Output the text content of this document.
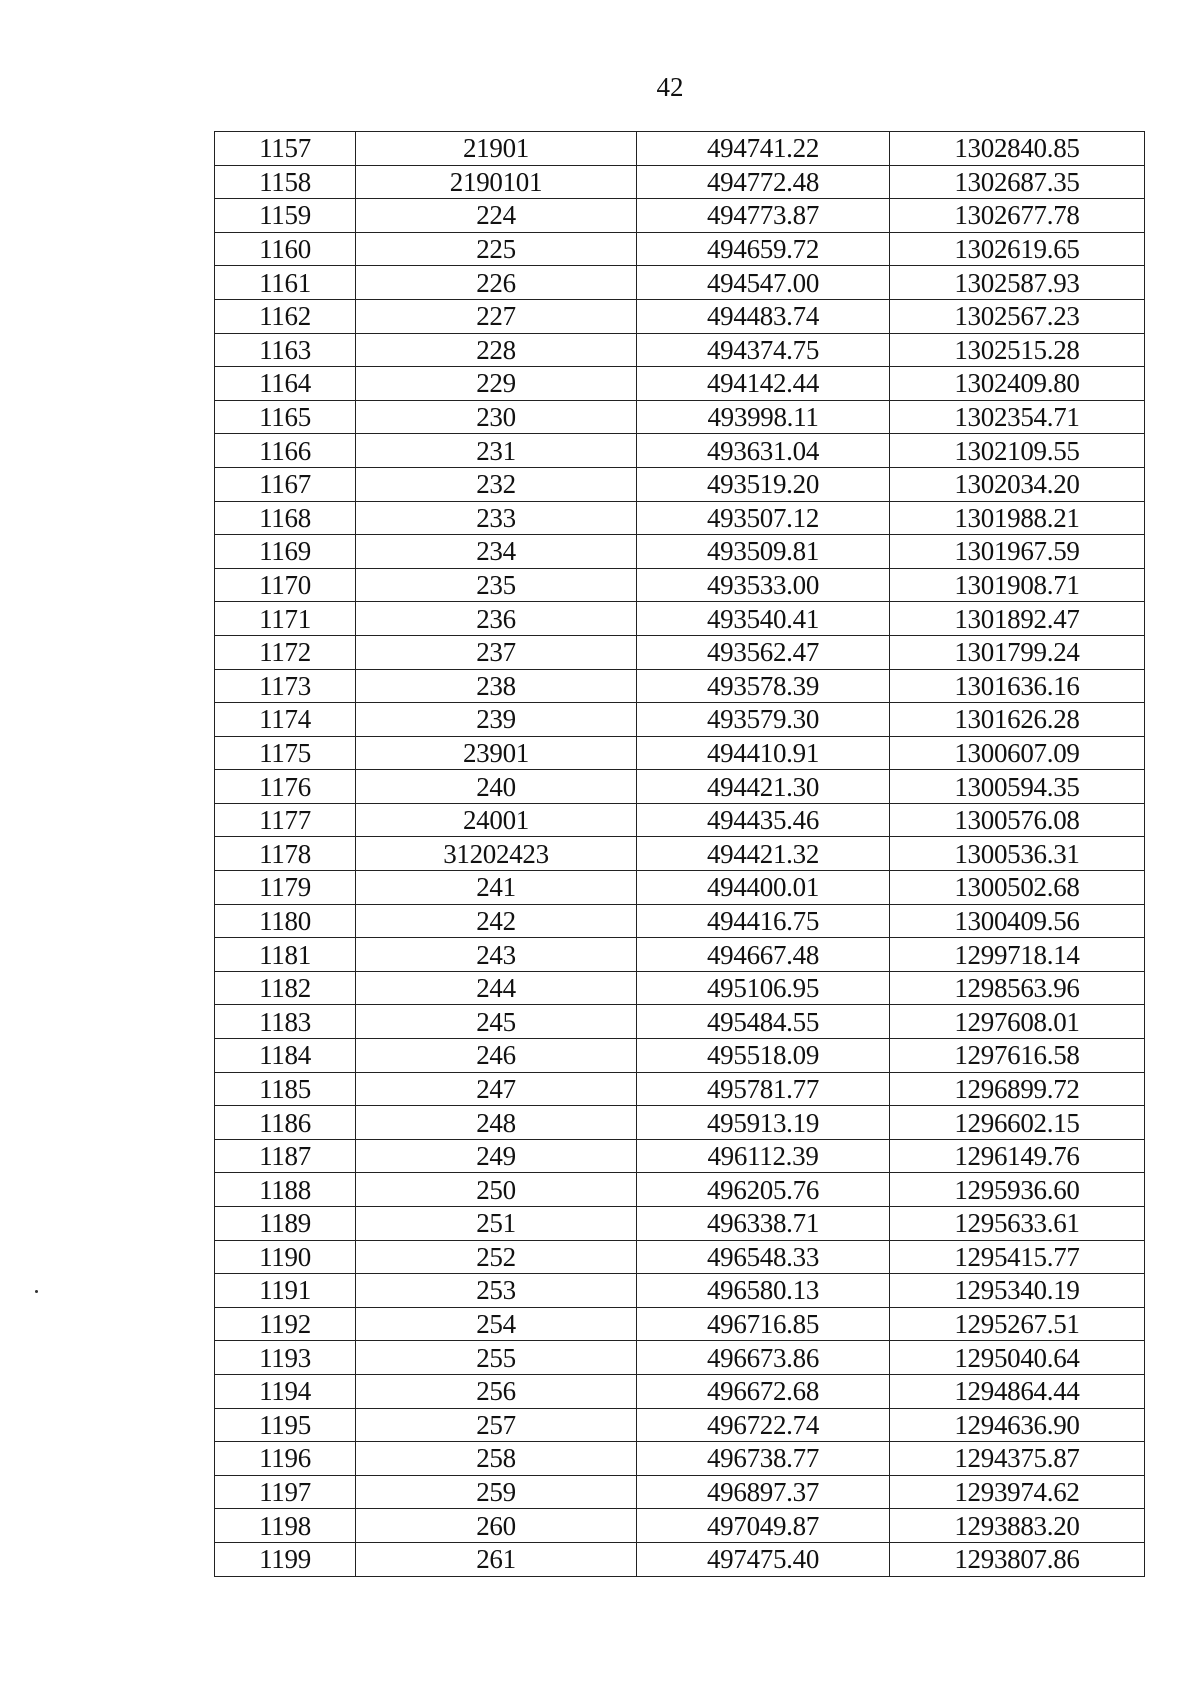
42
1157	21901	494741.22	1302840.85
1158	2190101	494772.48	1302687.35
1159	224	494773.87	1302677.78
1160	225	494659.72	1302619.65
1161	226	494547.00	1302587.93
1162	227	494483.74	1302567.23
1163	228	494374.75	1302515.28
1164	229	494142.44	1302409.80
1165	230	493998.11	1302354.71
1166	231	493631.04	1302109.55
1167	232	493519.20	1302034.20
1168	233	493507.12	1301988.21
1169	234	493509.81	1301967.59
1170	235	493533.00	1301908.71
1171	236	493540.41	1301892.47
1172	237	493562.47	1301799.24
1173	238	493578.39	1301636.16
1174	239	493579.30	1301626.28
1175	23901	494410.91	1300607.09
1176	240	494421.30	1300594.35
1177	24001	494435.46	1300576.08
1178	31202423	494421.32	1300536.31
1179	241	494400.01	1300502.68
1180	242	494416.75	1300409.56
1181	243	494667.48	1299718.14
1182	244	495106.95	1298563.96
1183	245	495484.55	1297608.01
1184	246	495518.09	1297616.58
1185	247	495781.77	1296899.72
1186	248	495913.19	1296602.15
1187	249	496112.39	1296149.76
1188	250	496205.76	1295936.60
1189	251	496338.71	1295633.61
1190	252	496548.33	1295415.77
1191	253	496580.13	1295340.19
1192	254	496716.85	1295267.51
1193	255	496673.86	1295040.64
1194	256	496672.68	1294864.44
1195	257	496722.74	1294636.90
1196	258	496738.77	1294375.87
1197	259	496897.37	1293974.62
1198	260	497049.87	1293883.20
1199	261	497475.40	1293807.86
